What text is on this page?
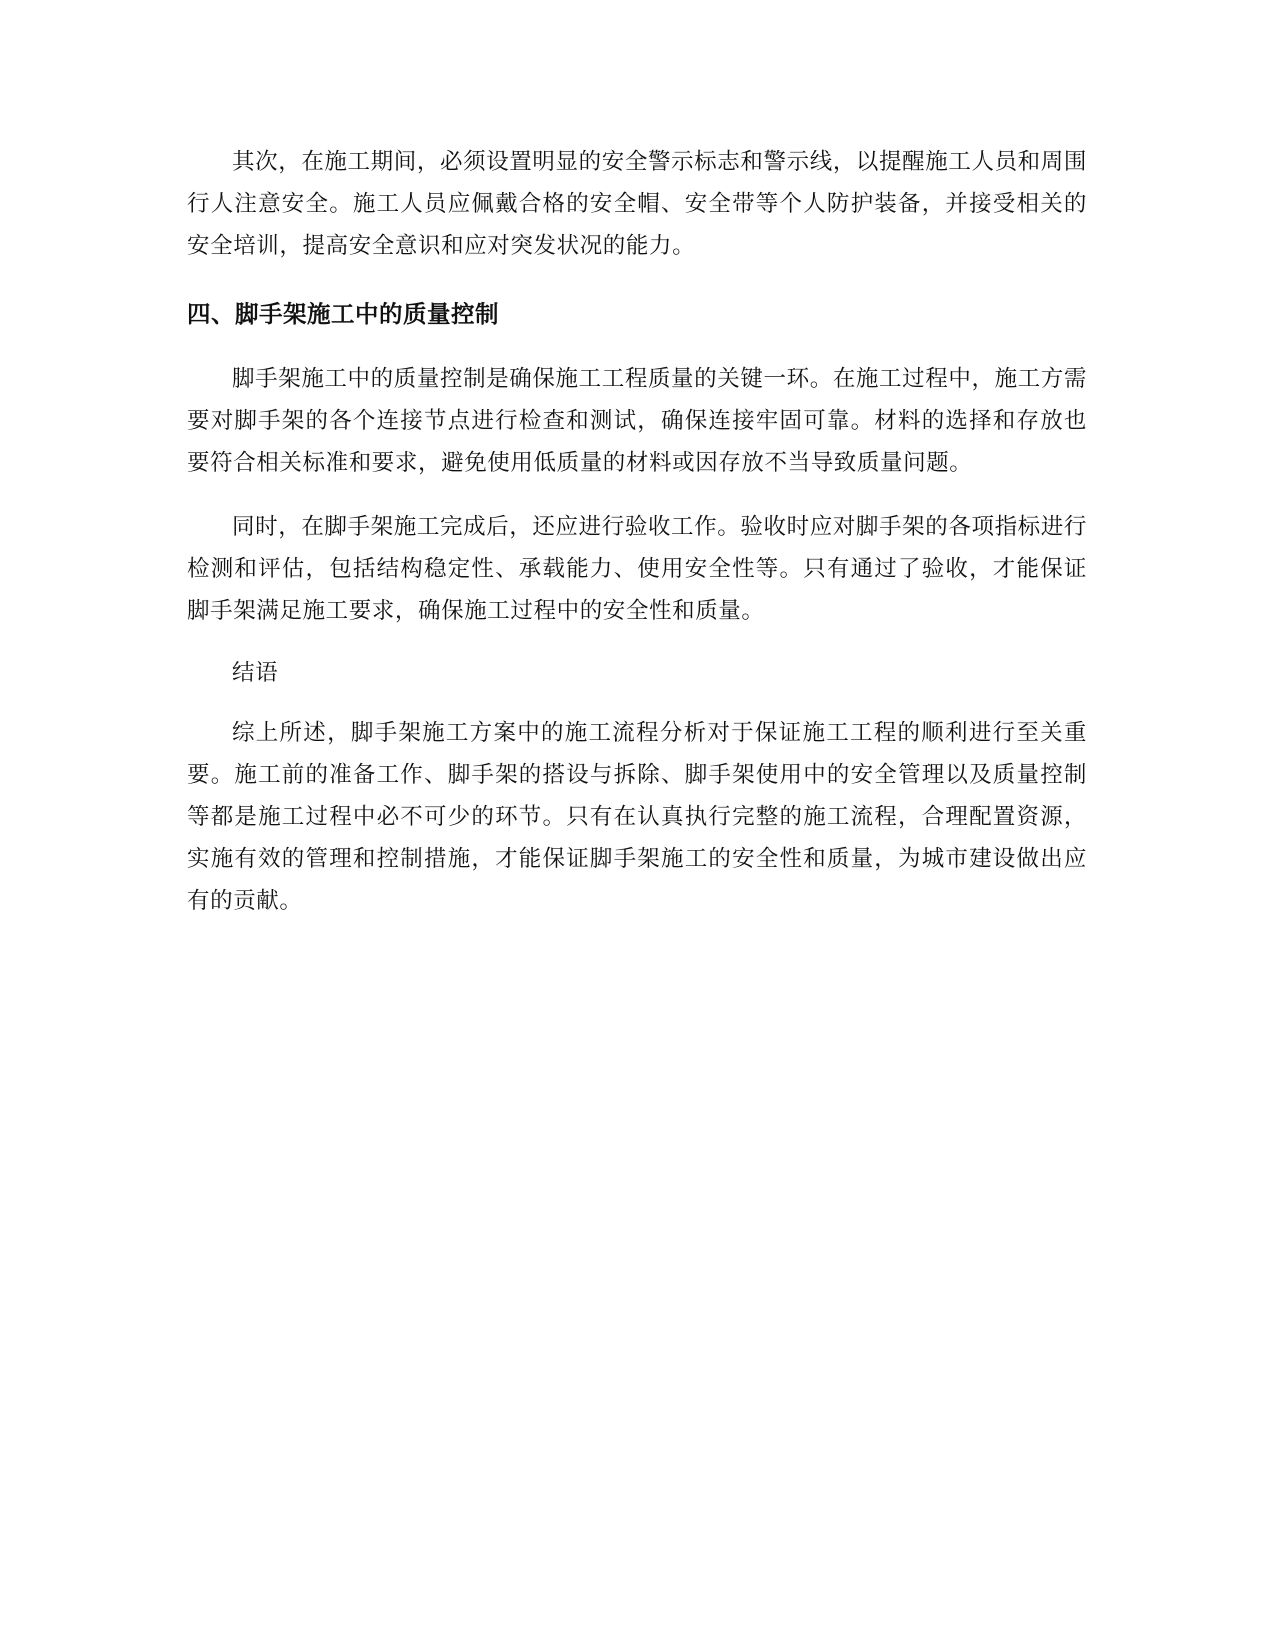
其次，在施工期间，必须设置明显的安全警示标志和警示线，以提醒施工人员和周围行人注意安全。施工人员应佩戴合格的安全帽、安全带等个人防护装备，并接受相关的安全培训，提高安全意识和应对突发状况的能力。

四、脚手架施工中的质量控制

脚手架施工中的质量控制是确保施工工程质量的关键一环。在施工过程中，施工方需要对脚手架的各个连接节点进行检查和测试，确保连接牢固可靠。材料的选择和存放也要符合相关标准和要求，避免使用低质量的材料或因存放不当导致质量问题。

同时，在脚手架施工完成后，还应进行验收工作。验收时应对脚手架的各项指标进行检测和评估，包括结构稳定性、承载能力、使用安全性等。只有通过了验收，才能保证脚手架满足施工要求，确保施工过程中的安全性和质量。

结语

综上所述，脚手架施工方案中的施工流程分析对于保证施工工程的顺利进行至关重要。施工前的准备工作、脚手架的搭设与拆除、脚手架使用中的安全管理以及质量控制等都是施工过程中必不可少的环节。只有在认真执行完整的施工流程，合理配置资源，实施有效的管理和控制措施，才能保证脚手架施工的安全性和质量，为城市建设做出应有的贡献。
